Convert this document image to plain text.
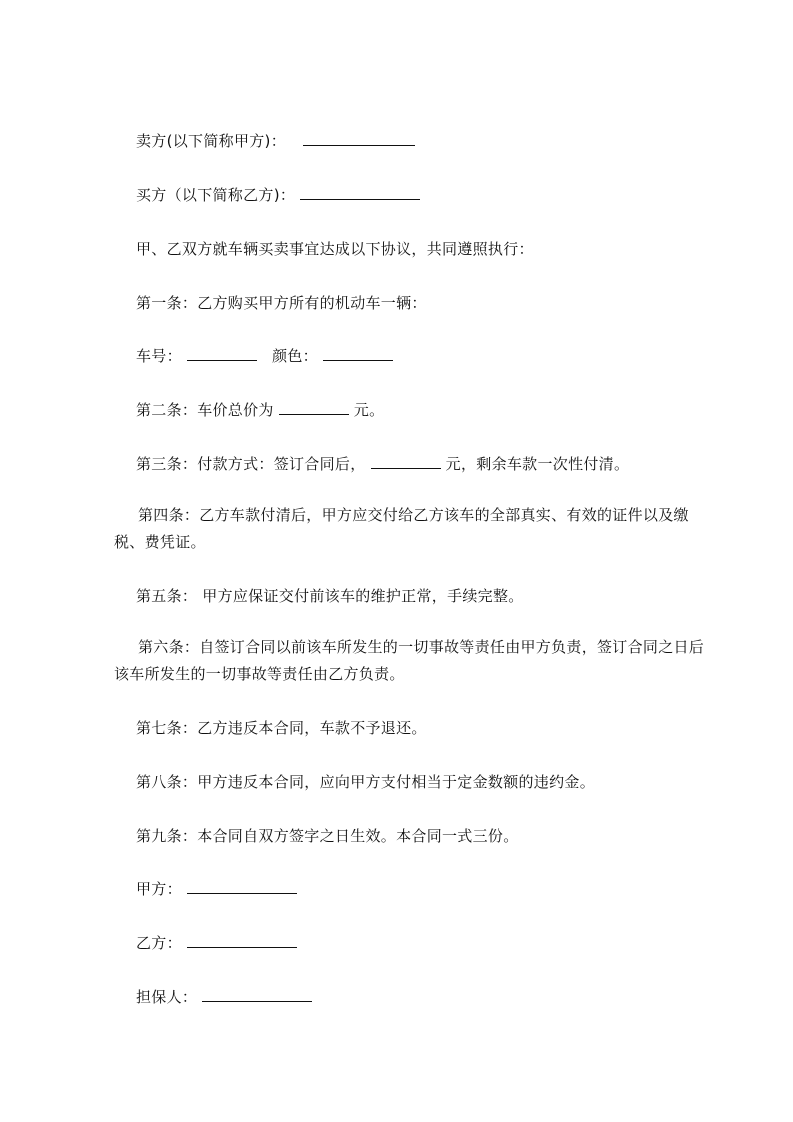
卖方(以下简称甲方)：
买方（以下简称乙方)：
甲、乙双方就车辆买卖事宜达成以下协议，共同遵照执行：
第一条：乙方购买甲方所有的机动车一辆：
车号：	颜色：
第二条：车价总价为	元。
第三条：付款方式：签订合同后，	元，剩余车款一次性付清。
第四条：乙方车款付清后，甲方应交付给乙方该车的全部真实、有效的证件以及缴税、费凭证。
第五条： 甲方应保证交付前该车的维护正常，手续完整。
第六条：自签订合同以前该车所发生的一切事故等责任由甲方负责，签订合同之日后该车所发生的一切事故等责任由乙方负责。
第七条：乙方违反本合同，车款不予退还。
第八条：甲方违反本合同，应向甲方支付相当于定金数额的违约金。
第九条：本合同自双方签字之日生效。本合同一式三份。
甲方：
乙方：
担保人：
